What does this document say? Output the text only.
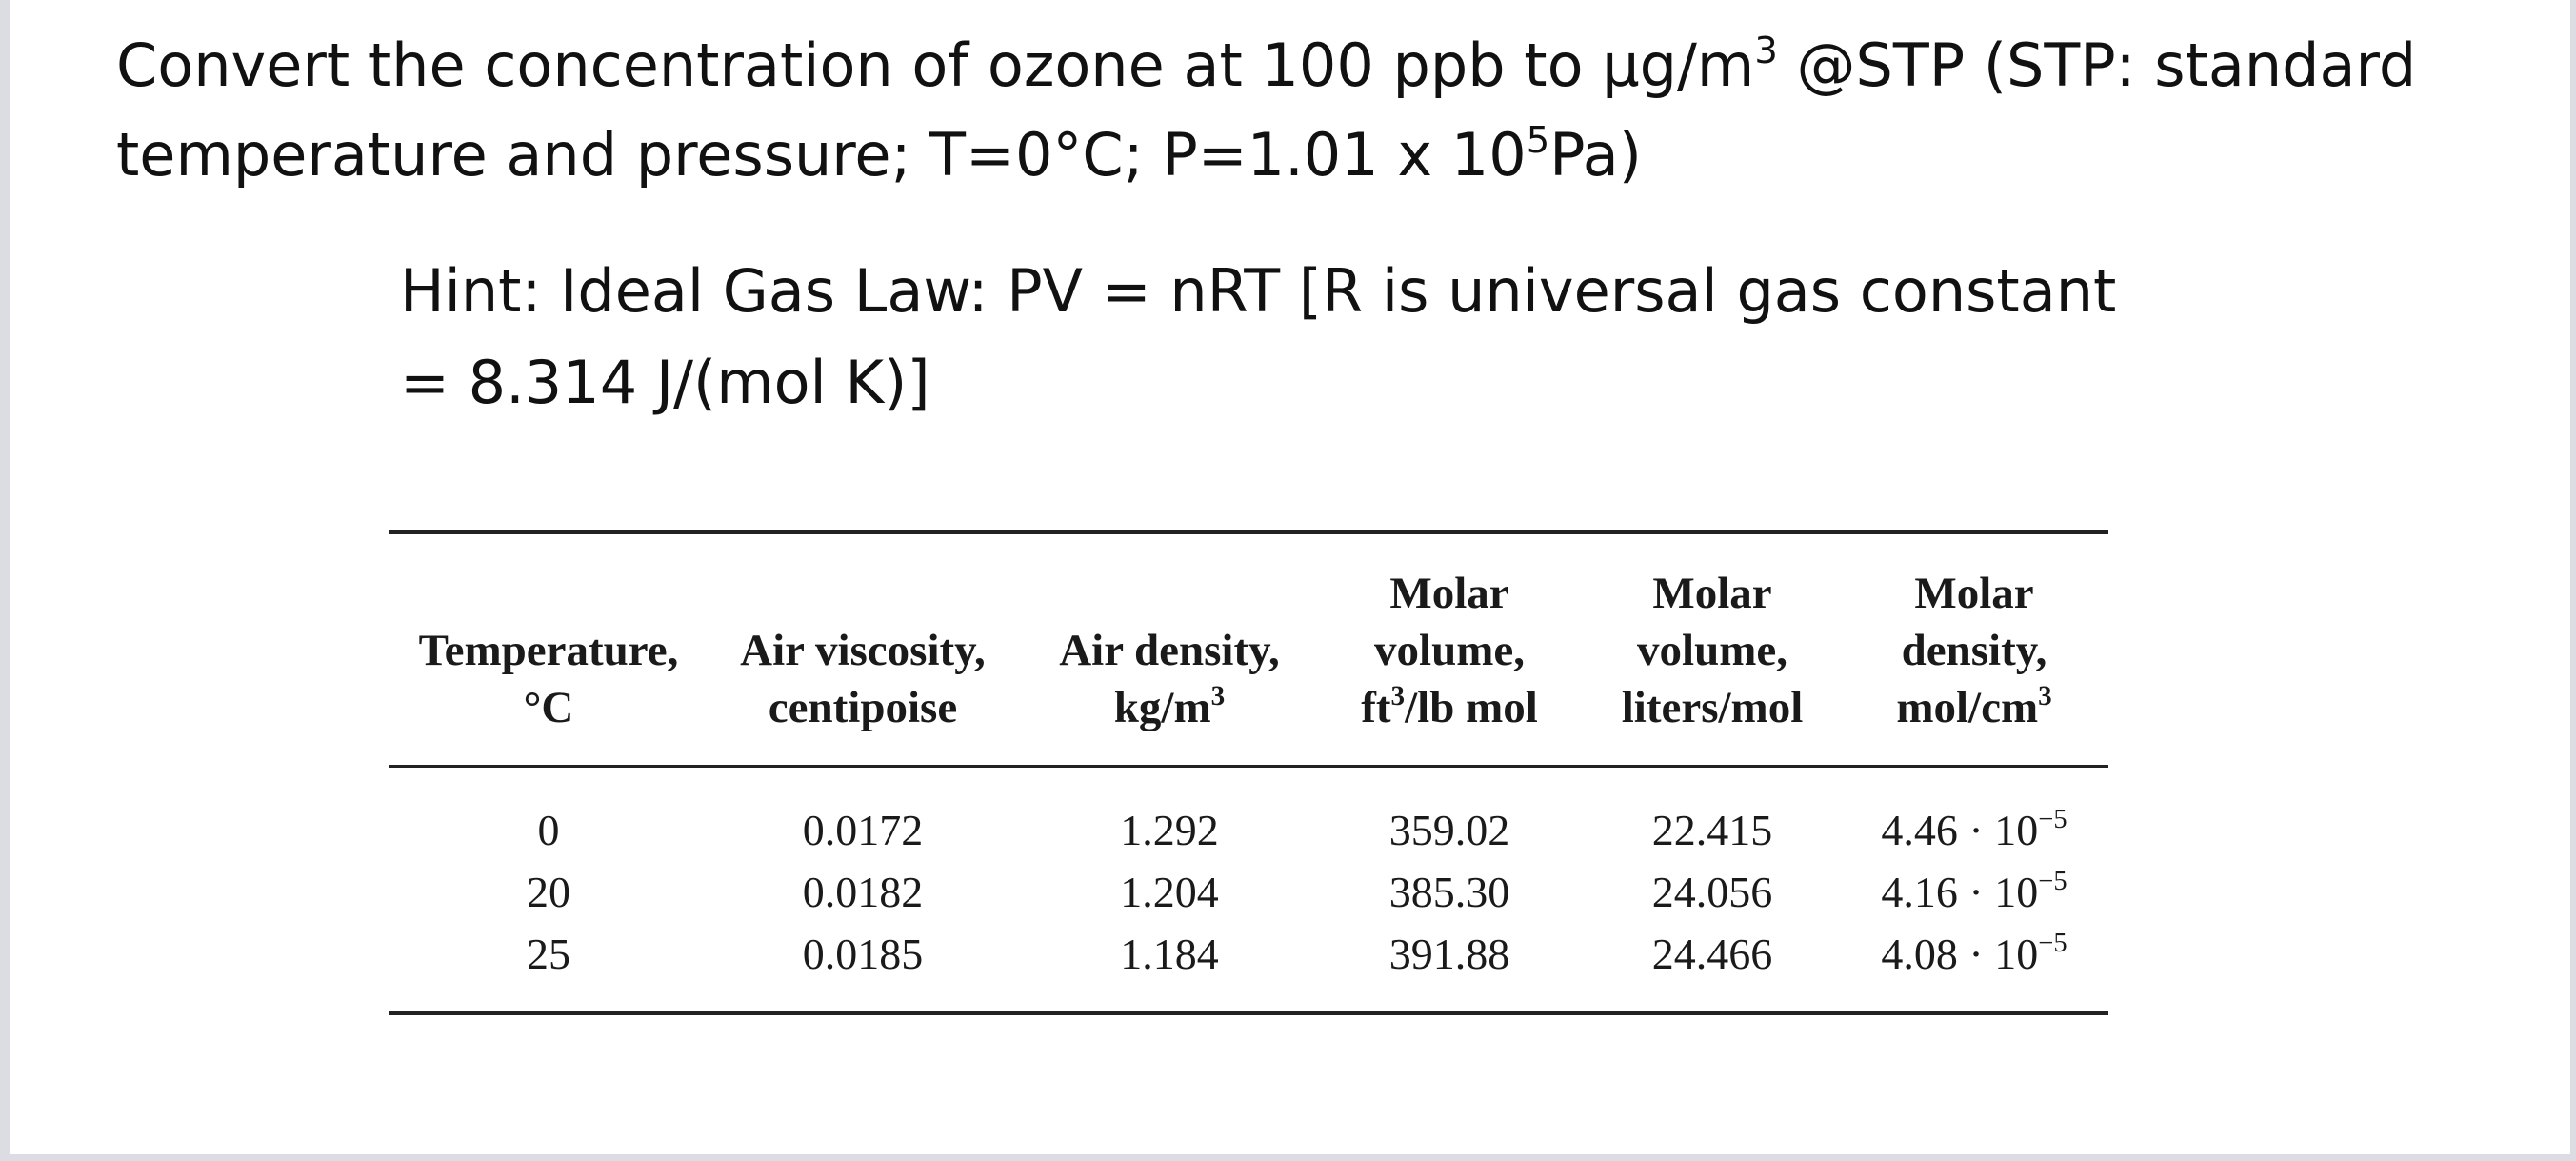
Convert the concentration of ozone at 100 ppb to $\mu g/m^3$ @STP (STP: standard
temperature and pressure; T=0°C; P=1.01 x $10^5Pa$)

Hint: Ideal Gas Law: PV = nRT [R is universal gas constant
= 8.314 J/(mol K)]

Temperature,
°C

Air viscosity,
centipoise

Air density,
$kg/m^3$
Molar
volume,
$ft^3/lb$ mol
Molar
volume,
liters/mol
Molar
density,
mol/$cm^3$
0
20
25
0.0172
0.0182
0.0185
1.292
1.204
1.184
359.02
385.30
391.88
22.415
24.056
24.466
$4.46 \cdot 10^{-5}$
$4.16 \cdot 10^{-5}$
$4.08 \cdot 10^{-5}$
